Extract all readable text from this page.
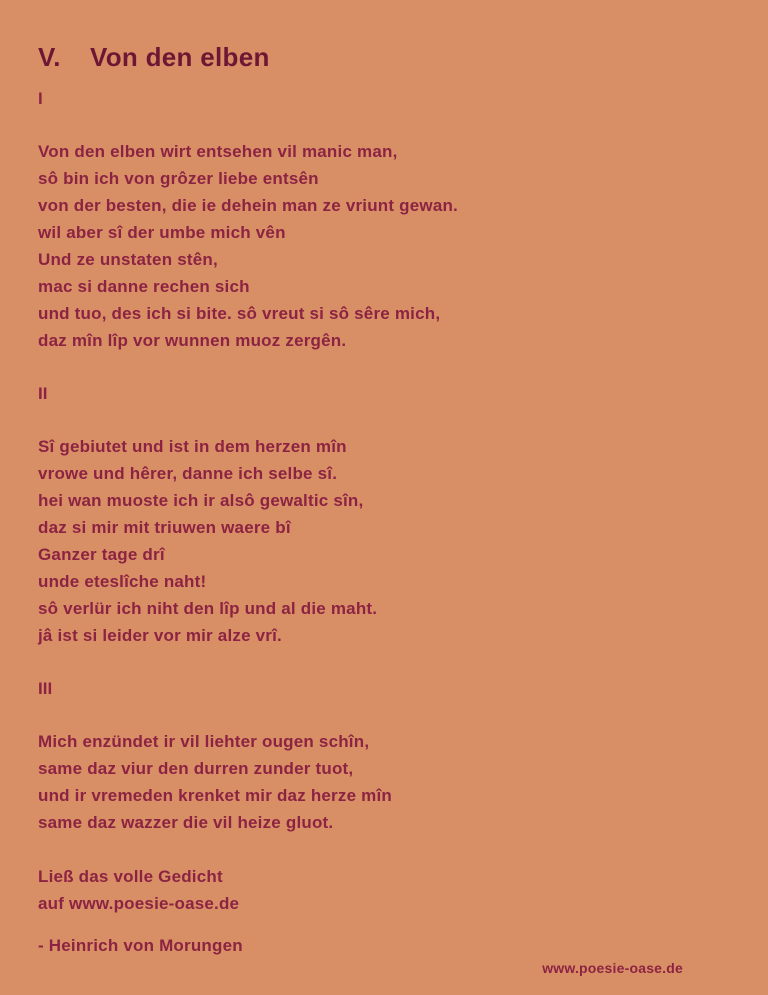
V. Von den elben
I
Von den elben wirt entsehen vil manic man,
sô bin ich von grôzer liebe entsên
von der besten, die ie dehein man ze vriunt gewan.
wil aber sî der umbe mich vên
Und ze unstaten stên,
mac si danne rechen sich
und tuo, des ich si bite. sô vreut si sô sêre mich,
daz mîn lîp vor wunnen muoz zergên.
II
Sî gebiutet und ist in dem herzen mîn
vrowe und hêrer, danne ich selbe sî.
hei wan muoste ich ir alsô gewaltic sîn,
daz si mir mit triuwen waere bî
Ganzer tage drî
unde eteslîche naht!
sô verlür ich niht den lîp und al die maht.
jâ ist si leider vor mir alze vrî.
III
Mich enzündet ir vil liehter ougen schîn,
same daz viur den durren zunder tuot,
und ir vremeden krenket mir daz herze mîn
same daz wazzer die vil heize gluot.
Ließ das volle Gedicht
auf www.poesie-oase.de
- Heinrich von Morungen
www.poesie-oase.de
